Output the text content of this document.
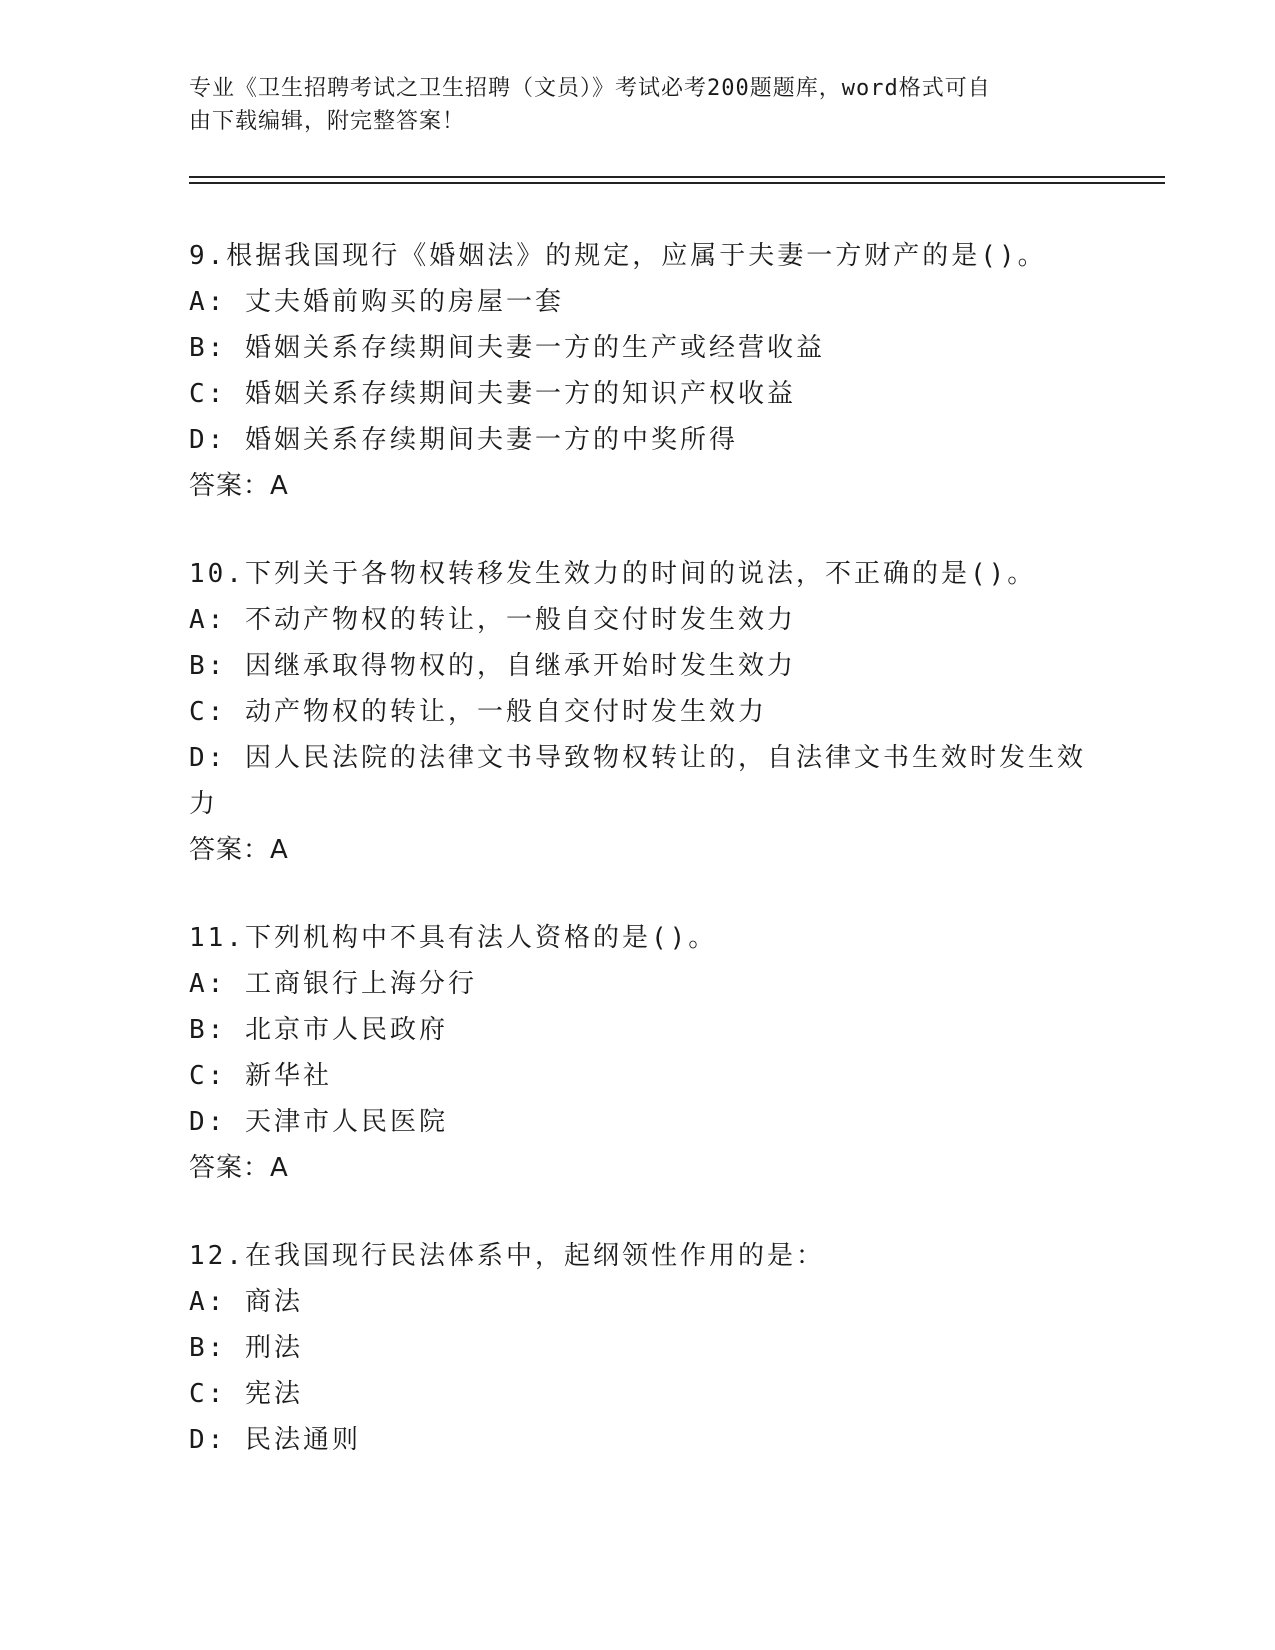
专业《卫生招聘考试之卫生招聘（文员）》考试必考200题题库，word格式可自
由下载编辑，附完整答案！
9.根据我国现行《婚姻法》的规定，应属于夫妻一方财产的是()。
A: 丈夫婚前购买的房屋一套
B: 婚姻关系存续期间夫妻一方的生产或经营收益
C: 婚姻关系存续期间夫妻一方的知识产权收益
D: 婚姻关系存续期间夫妻一方的中奖所得
答案：A
10.下列关于各物权转移发生效力的时间的说法，不正确的是()。
A: 不动产物权的转让，一般自交付时发生效力
B: 因继承取得物权的，自继承开始时发生效力
C: 动产物权的转让，一般自交付时发生效力
D: 因人民法院的法律文书导致物权转让的，自法律文书生效时发生效力
答案：A
11.下列机构中不具有法人资格的是()。
A: 工商银行上海分行
B: 北京市人民政府
C: 新华社
D: 天津市人民医院
答案：A
12.在我国现行民法体系中，起纲领性作用的是：
A: 商法
B: 刑法
C: 宪法
D: 民法通则
